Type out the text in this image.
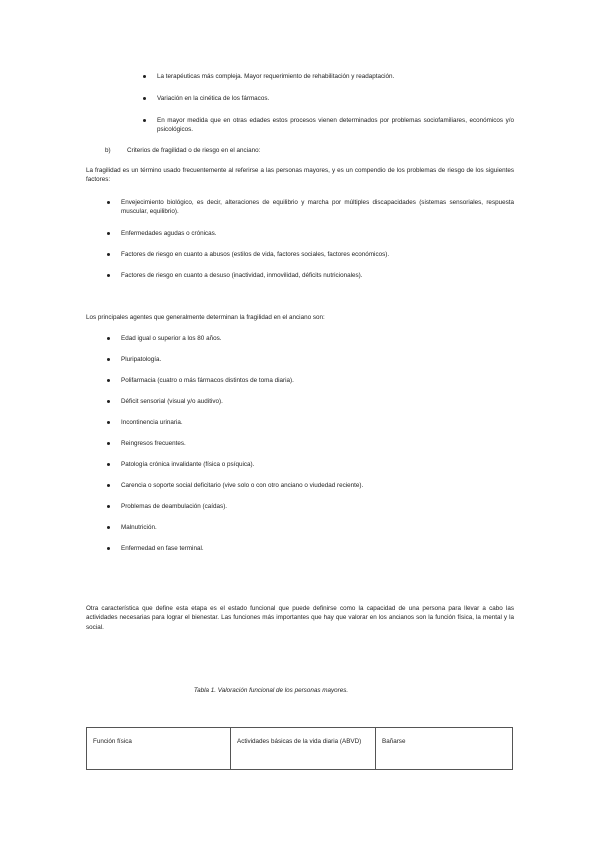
La terapéuticas más compleja. Mayor requerimiento de rehabilitación y readaptación.
Variación en la cinética de los fármacos.
En mayor medida que en otras edades estos procesos vienen determinados por problemas sociofamiliares, económicos y/o psicológicos.
b)	Criterios de fragilidad o de riesgo en el anciano:

La fragilidad es un término usado frecuentemente al referirse a las personas mayores, y es un compendio de los problemas de riesgo de los siguientes factores:

Envejecimiento biológico, es decir, alteraciones de equilibrio y marcha por múltiples discapacidades (sistemas sensoriales, respuesta muscular, equilibrio).
Enfermedades agudas o crónicas.
Factores de riesgo en cuanto a abusos (estilos de vida, factores sociales, factores económicos).
Factores de riesgo en cuanto a desuso (inactividad, inmovilidad, déficits nutricionales).

Los principales agentes que generalmente determinan la fragilidad en el anciano son:

Edad igual o superior a los 80 años.
Pluripatología.
Polifarmacia (cuatro o más fármacos distintos de toma diaria).
Déficit sensorial (visual y/o auditivo).
Incontinencia urinaria.
Reingresos frecuentes.
Patología crónica invalidante (física o psíquica).
Carencia o soporte social deficitario (vive solo o con otro anciano o viudedad reciente).
Problemas de deambulación (caídas).
Malnutrición.
Enfermedad en fase terminal.

Otra característica que define esta etapa es el estado funcional que puede definirse como la capacidad de una persona para llevar a cabo las actividades necesarias para lograr el bienestar. Las funciones más importantes que hay que valorar en los ancianos son la función física, la mental y la social.

Tabla 1. Valoración funcional de los personas mayores.

Función física	Actividades básicas de la vida diaria (ABVD)	Bañarse
